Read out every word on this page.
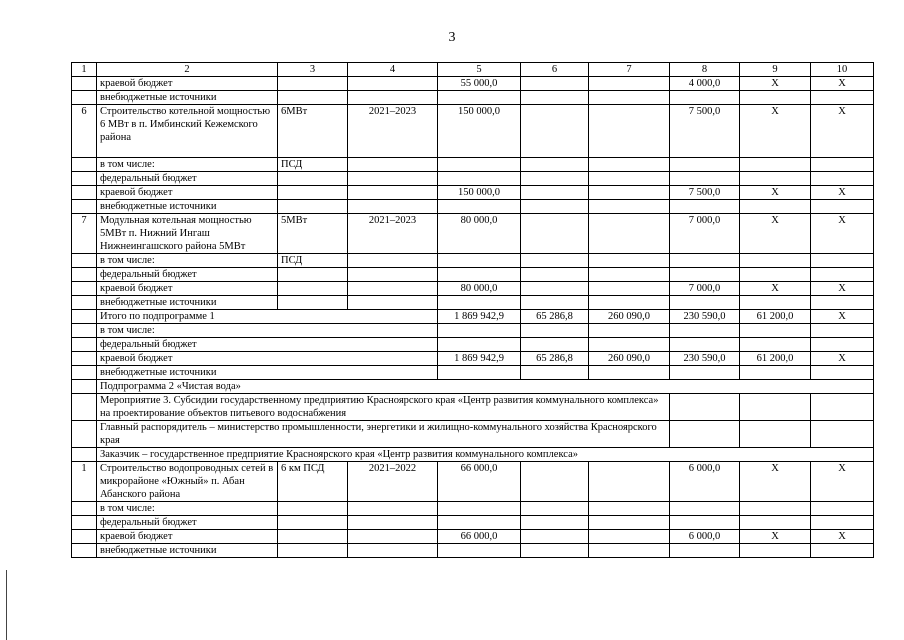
3
1	2	3	4	5	6	7	8	9	10
	краевой бюджет			55 000,0			4 000,0	Х	Х
	внебюджетные источники								
6	Строительство котельной мощностью 6 МВт в п. Имбинский Кежемского района	6МВт	2021–2023	150 000,0			7 500,0	Х	Х
	в том числе:	ПСД							
	федеральный бюджет								
	краевой бюджет			150 000,0			7 500,0	Х	Х
	внебюджетные источники								
7	Модульная котельная мощностью 5МВт п. Нижний Ингаш Нижнеингашского района 5МВт	5МВт	2021–2023	80 000,0			7 000,0	Х	Х
	в том числе:	ПСД							
	федеральный бюджет								
	краевой бюджет			80 000,0			7 000,0	Х	Х
	внебюджетные источники								
	Итого по подпрограмме 1			1 869 942,9	65 286,8	260 090,0	230 590,0	61 200,0	Х
	в том числе:								
	федеральный бюджет								
	краевой бюджет			1 869 942,9	65 286,8	260 090,0	230 590,0	61 200,0	Х
	внебюджетные источники								
	Подпрограмма 2 «Чистая вода»								
	Мероприятие 3. Субсидии государственному предприятию Красноярского края «Центр развития коммунального комплекса» на проектирование объектов питьевого водоснабжения								
	Главный распорядитель – министерство промышленности, энергетики и жилищно-коммунального хозяйства Красноярского края								
	Заказчик – государственное предприятие Красноярского края «Центр развития коммунального комплекса»								
1	Строительство водопроводных сетей в микрорайоне «Южный» п. Абан Абанского района	6 км ПСД	2021–2022	66 000,0			6 000,0	Х	Х
	в том числе:								
	федеральный бюджет								
	краевой бюджет			66 000,0			6 000,0	Х	Х
	внебюджетные источники								
